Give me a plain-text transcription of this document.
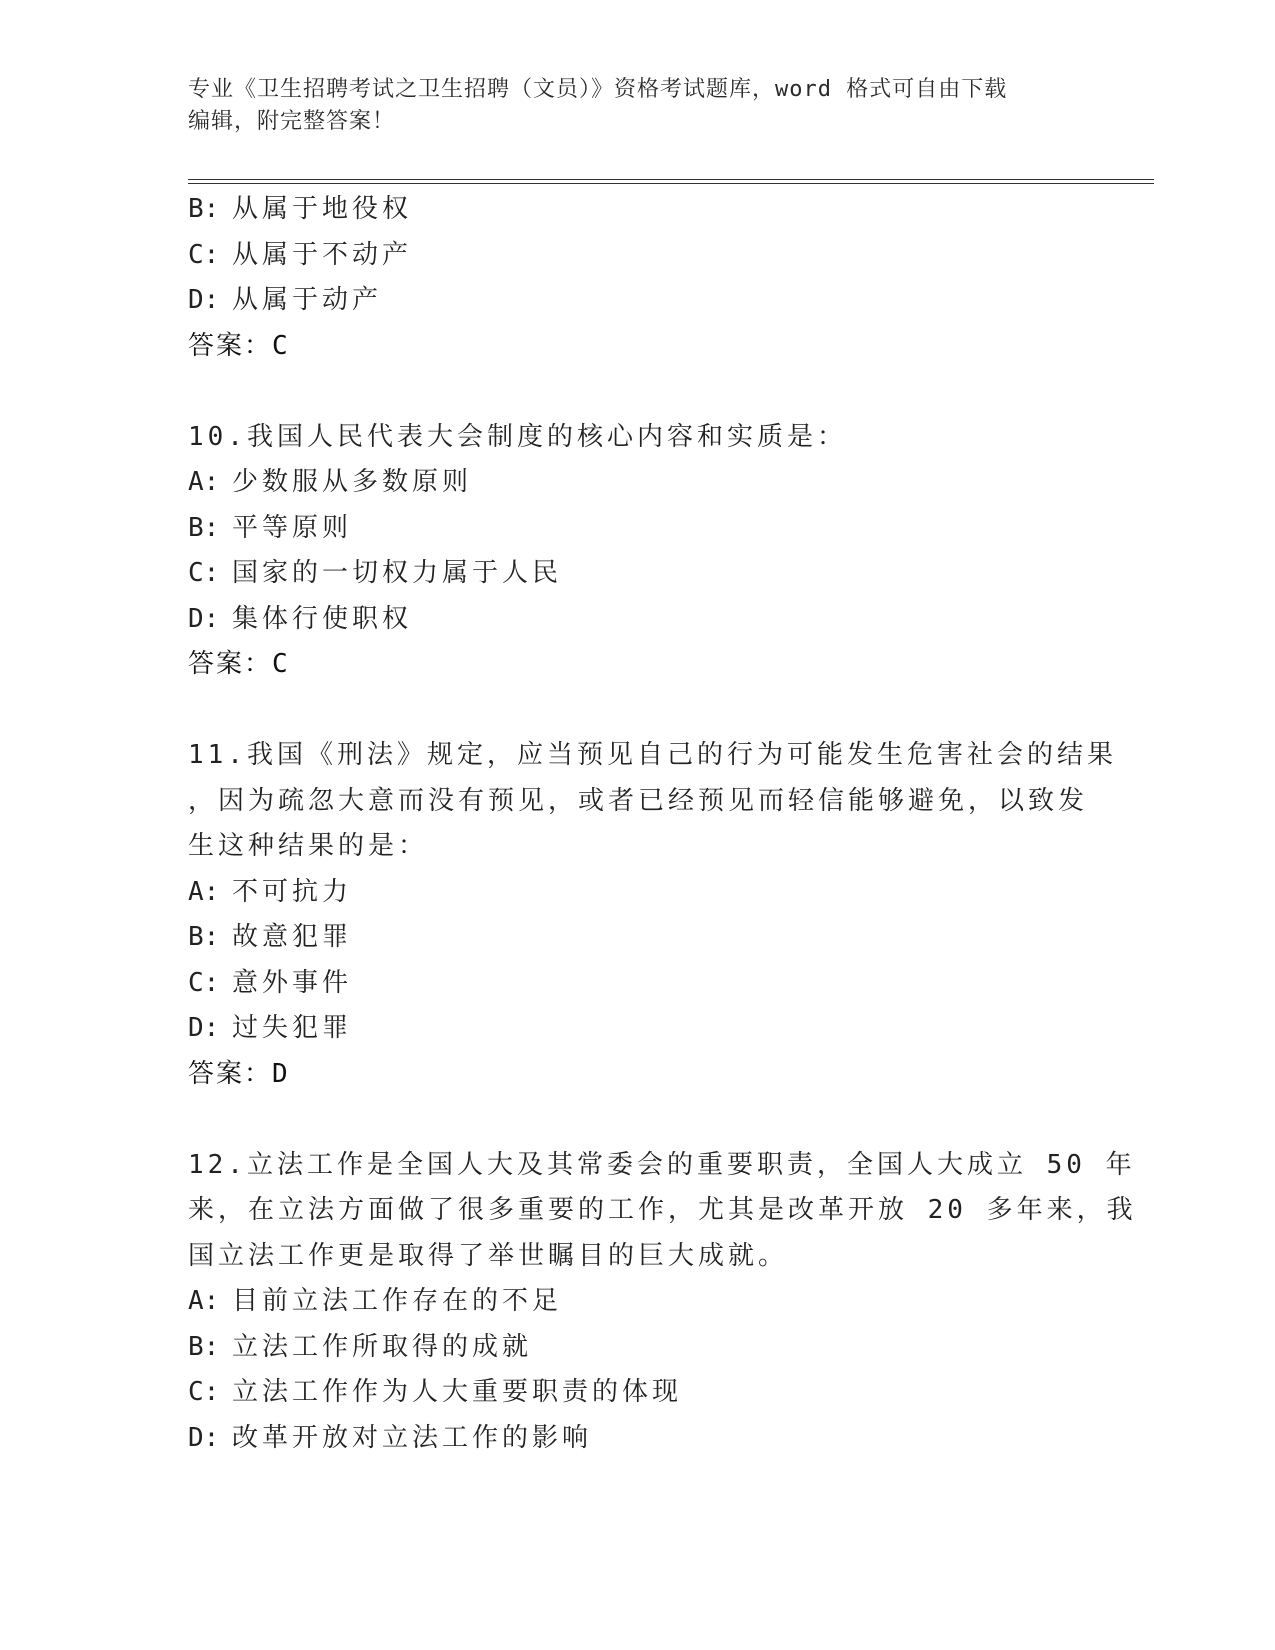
专业《卫生招聘考试之卫生招聘（文员）》资格考试题库，word 格式可自由下载
编辑，附完整答案！
B: 从属于地役权
C: 从属于不动产
D: 从属于动产
答案：C
10.我国人民代表大会制度的核心内容和实质是：
A: 少数服从多数原则
B: 平等原则
C: 国家的一切权力属于人民
D: 集体行使职权
答案：C
11.我国《刑法》规定，应当预见自己的行为可能发生危害社会的结果
，因为疏忽大意而没有预见，或者已经预见而轻信能够避免，以致发
生这种结果的是：
A: 不可抗力
B: 故意犯罪
C: 意外事件
D: 过失犯罪
答案：D
12.立法工作是全国人大及其常委会的重要职责，全国人大成立 50 年
来，在立法方面做了很多重要的工作，尤其是改革开放 20 多年来，我
国立法工作更是取得了举世瞩目的巨大成就。
A: 目前立法工作存在的不足
B: 立法工作所取得的成就
C: 立法工作作为人大重要职责的体现
D: 改革开放对立法工作的影响
